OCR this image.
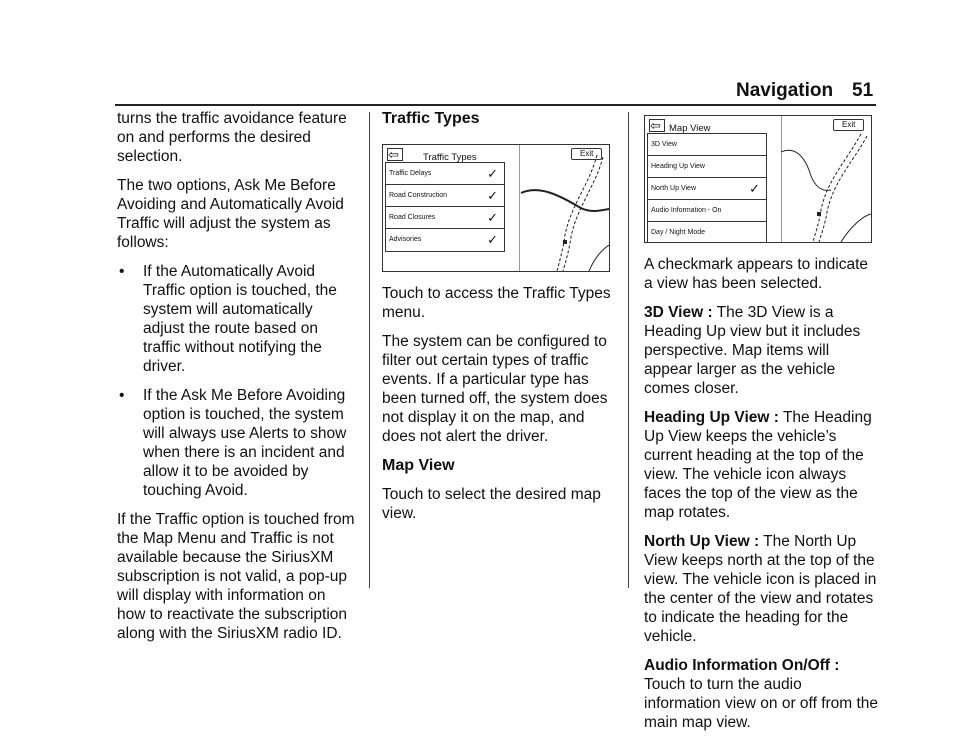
Navigation 51

turns the traffic avoidance feature on and performs the desired selection.

The two options, Ask Me Before Avoiding and Automatically Avoid Traffic will adjust the system as follows:

• If the Automatically Avoid Traffic option is touched, the system will automatically adjust the route based on traffic without notifying the driver.

• If the Ask Me Before Avoiding option is touched, the system will always use Alerts to show when there is an incident and allow it to be avoided by touching Avoid.

If the Traffic option is touched from the Map Menu and Traffic is not available because the SiriusXM subscription is not valid, a pop-up will display with information on how to reactivate the subscription along with the SiriusXM radio ID.

Traffic Types

⇦
Traffic Types	Exit
Traffic Delays	✓
Road Construction	✓
Road Closures	✓
Advisories	✓

Touch to access the Traffic Types menu.

The system can be configured to filter out certain types of traffic events. If a particular type has been turned off, the system does not display it on the map, and does not alert the driver.

Map View

Touch to select the desired map view.

⇦
Map View	Exit
3D View
Heading Up View
North Up View	✓
Audio Information - On
Day / Night Mode

A checkmark appears to indicate a view has been selected.

3D View : The 3D View is a Heading Up view but it includes perspective. Map items will appear larger as the vehicle comes closer.

Heading Up View : The Heading Up View keeps the vehicle’s current heading at the top of the view. The vehicle icon always faces the top of the view as the map rotates.

North Up View : The North Up View keeps north at the top of the view. The vehicle icon is placed in the center of the view and rotates to indicate the heading for the vehicle.

Audio Information On/Off : Touch to turn the audio information view on or off from the main map view.
